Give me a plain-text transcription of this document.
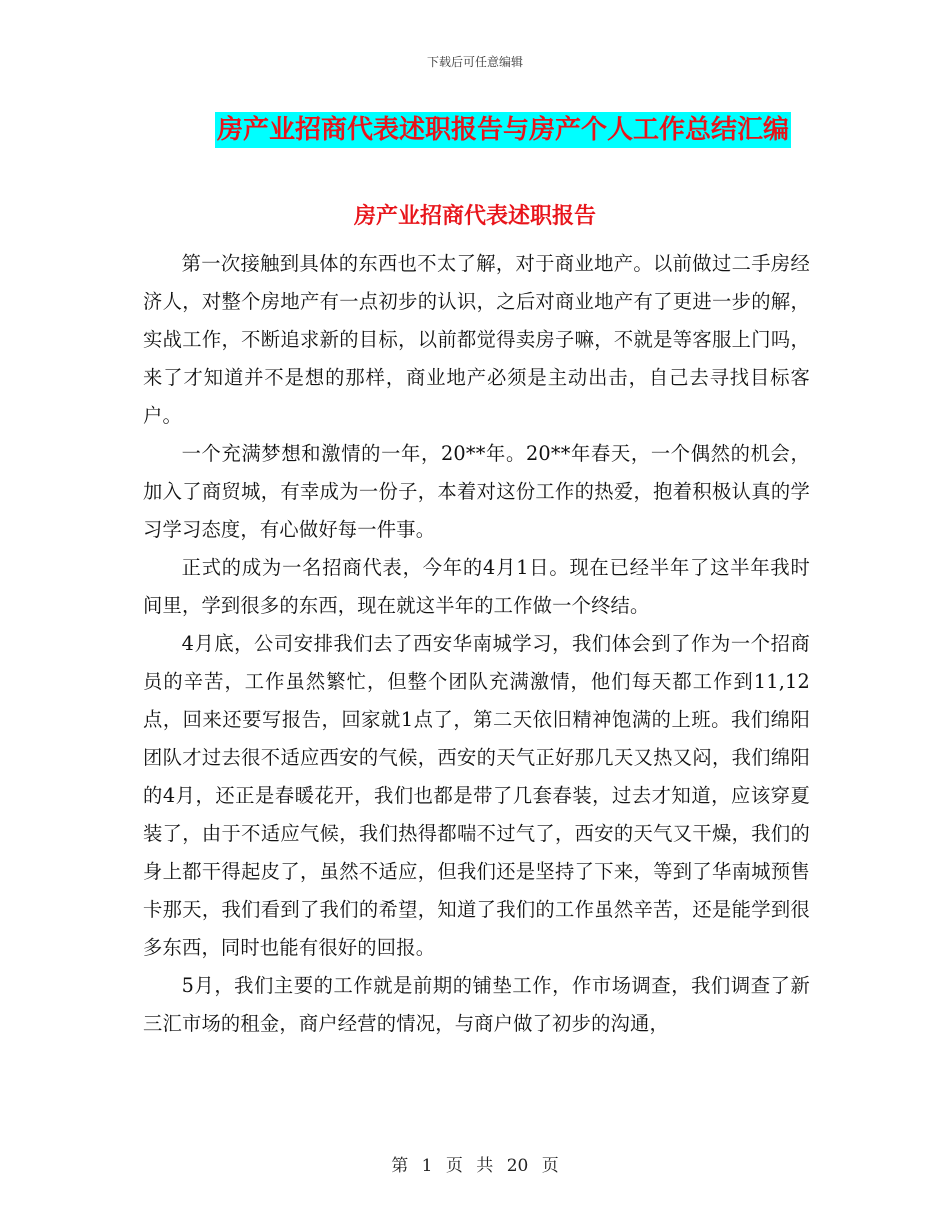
下载后可任意编辑
房产业招商代表述职报告与房产个人工作总结汇编
房产业招商代表述职报告

第一次接触到具体的东西也不太了解，对于商业地产。以前做过二手房经济人，对整个房地产有一点初步的认识，之后对商业地产有了更进一步的解，实战工作，不断追求新的目标，以前都觉得卖房子嘛，不就是等客服上门吗，来了才知道并不是想的那样，商业地产必须是主动出击，自己去寻找目标客户。

一个充满梦想和激情的一年，20**年。20**年春天，一个偶然的机会，加入了商贸城，有幸成为一份子，本着对这份工作的热爱，抱着积极认真的学习学习态度，有心做好每一件事。

正式的成为一名招商代表，今年的4月1日。现在已经半年了这半年我时间里，学到很多的东西，现在就这半年的工作做一个终结。

4月底，公司安排我们去了西安华南城学习，我们体会到了作为一个招商员的辛苦，工作虽然繁忙，但整个团队充满激情，他们每天都工作到11,12点，回来还要写报告，回家就1点了，第二天依旧精神饱满的上班。我们绵阳团队才过去很不适应西安的气候，西安的天气正好那几天又热又闷，我们绵阳的4月，还正是春暖花开，我们也都是带了几套春装，过去才知道，应该穿夏装了，由于不适应气候，我们热得都喘不过气了，西安的天气又干燥，我们的身上都干得起皮了，虽然不适应，但我们还是坚持了下来，等到了华南城预售卡那天，我们看到了我们的希望，知道了我们的工作虽然辛苦，还是能学到很多东西，同时也能有很好的回报。

5月，我们主要的工作就是前期的铺垫工作，作市场调查，我们调查了新三汇市场的租金，商户经营的情况，与商户做了初步的沟通，

第 1 页 共 20 页
